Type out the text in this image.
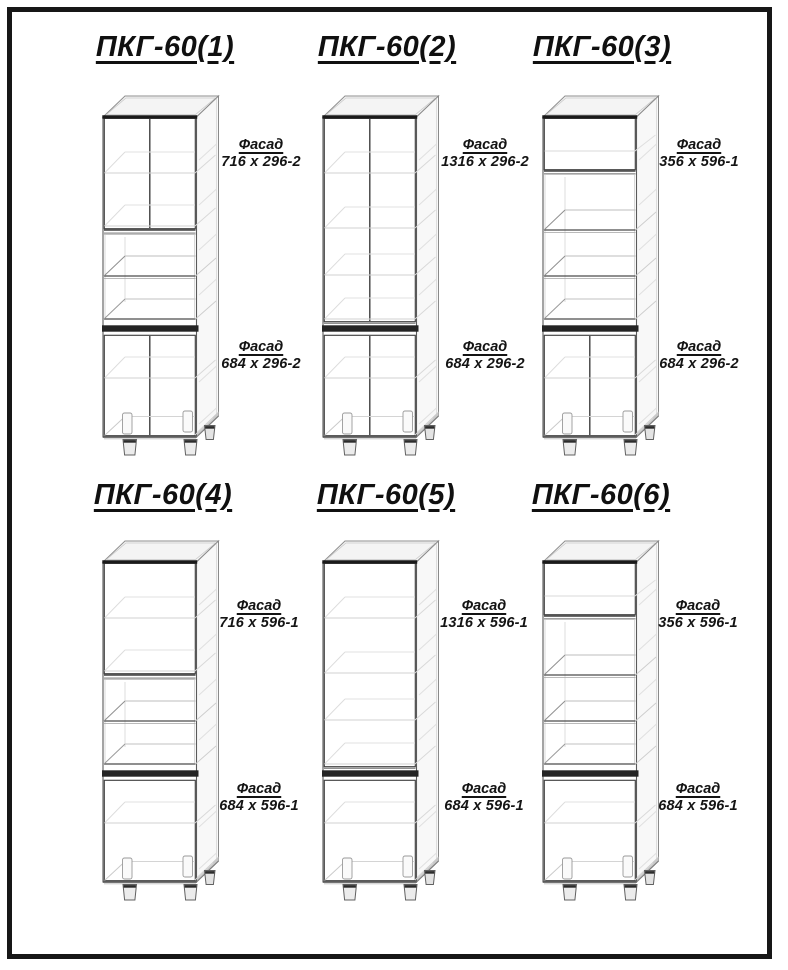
ПКГ-60(1)
Фасад
716 x 296-2
Фасад
684 x 296-2
ПКГ-60(2)
Фасад
1316 x 296-2
Фасад
684 x 296-2
ПКГ-60(3)
Фасад
356 x 596-1
Фасад
684 x 296-2
ПКГ-60(4)
Фасад
716 x 596-1
Фасад
684 x 596-1
ПКГ-60(5)
Фасад
1316 x 596-1
Фасад
684 x 596-1
ПКГ-60(6)
Фасад
356 x 596-1
Фасад
684 x 596-1
